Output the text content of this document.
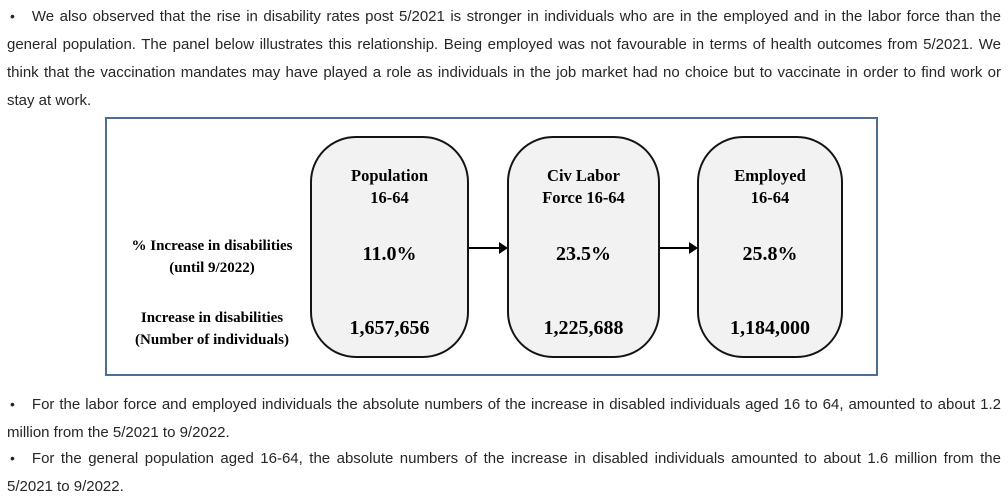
• We also observed that the rise in disability rates post 5/2021 is stronger in individuals who are in the employed and in the labor force than the general population. The panel below illustrates this relationship. Being employed was not favourable in terms of health outcomes from 5/2021. We think that the vaccination mandates may have played a role as individuals in the job market had no choice but to vaccinate in order to find work or stay at work.

% Increase in disabilities
(until 9/2022)
Increase in disabilities
(Number of individuals)
Population
16-64
11.0%
1,657,656
Civ Labor
Force 16-64
23.5%
1,225,688
Employed
16-64
25.8%
1,184,000

• For the labor force and employed individuals the absolute numbers of the increase in disabled individuals aged 16 to 64, amounted to about 1.2 million from the 5/2021 to 9/2022.

• For the general population aged 16-64, the absolute numbers of the increase in disabled individuals amounted to about 1.6 million from the 5/2021 to 9/2022.
